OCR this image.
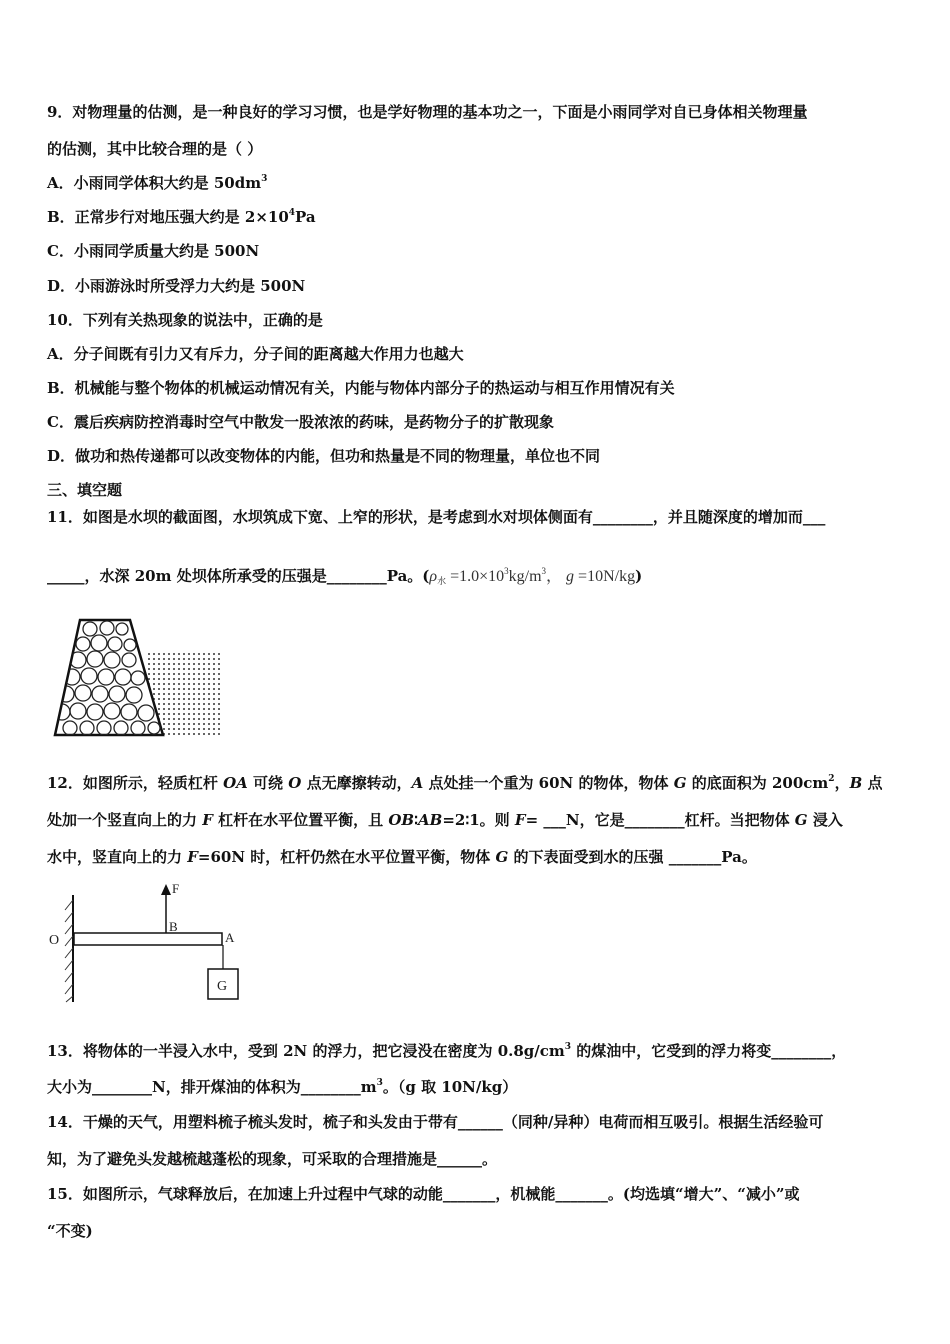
9．对物理量的估测，是一种良好的学习习惯，也是学好物理的基本功之一，下面是小雨同学对自已身体相关物理量
的估测，其中比较合理的是（ ）
A．小雨同学体积大约是 $50dm^3$
B．正常步行对地压强大约是 $2\times 10^4Pa$
C．小雨同学质量大约是 500N
D．小雨游泳时所受浮力大约是 500N
10．下列有关热现象的说法中，正确的是
A．分子间既有引力又有斥力，分子间的距离越大作用力也越大
B．机械能与整个物体的机械运动情况有关，内能与物体内部分子的热运动与相互作用情况有关
C．震后疾病防控消毒时空气中散发一股浓浓的药味，是药物分子的扩散现象
D．做功和热传递都可以改变物体的内能，但功和热量是不同的物理量，单位也不同
三、填空题
11．如图是水坝的截面图，水坝筑成下宽、上窄的形状，是考虑到水对坝体侧面有________，并且随深度的增加而___
_____，水深 20m 处坝体所承受的压强是________Pa。($\rho_水 =1.0\times 10^3kg/m^3$， g =10N/kg)
12．如图所示，轻质杠杆 OA 可绕 O 点无摩擦转动，A 点处挂一个重为 60N 的物体，物体 G 的底面积为 $200cm^2$，B 点
处加一个竖直向上的力 F 杠杆在水平位置平衡，且 OB∶AB=2∶1。则 F= ___N，它是________杠杆。当把物体 G 浸入
水中，竖直向上的力 F=60N 时，杠杆仍然在水平位置平衡，物体 G 的下表面受到水的压强 _______Pa。
F
B
O	A
G
13．将物体的一半浸入水中，受到 2N 的浮力，把它浸没在密度为 $0.8g/cm^3$ 的煤油中，它受到的浮力将变________，
大小为________N，排开煤油的体积为$\_\_\_\_\_\_\_\_m^3$。（g 取 10N/kg）
14．干燥的天气，用塑料梳子梳头发时，梳子和头发由于带有______（同种/异种）电荷而相互吸引。根据生活经验可
知，为了避免头发越梳越蓬松的现象，可采取的合理措施是______。
15．如图所示，气球释放后，在加速上升过程中气球的动能_______，机械能_______。(均选填“增大”、“减小”或
“不变)
